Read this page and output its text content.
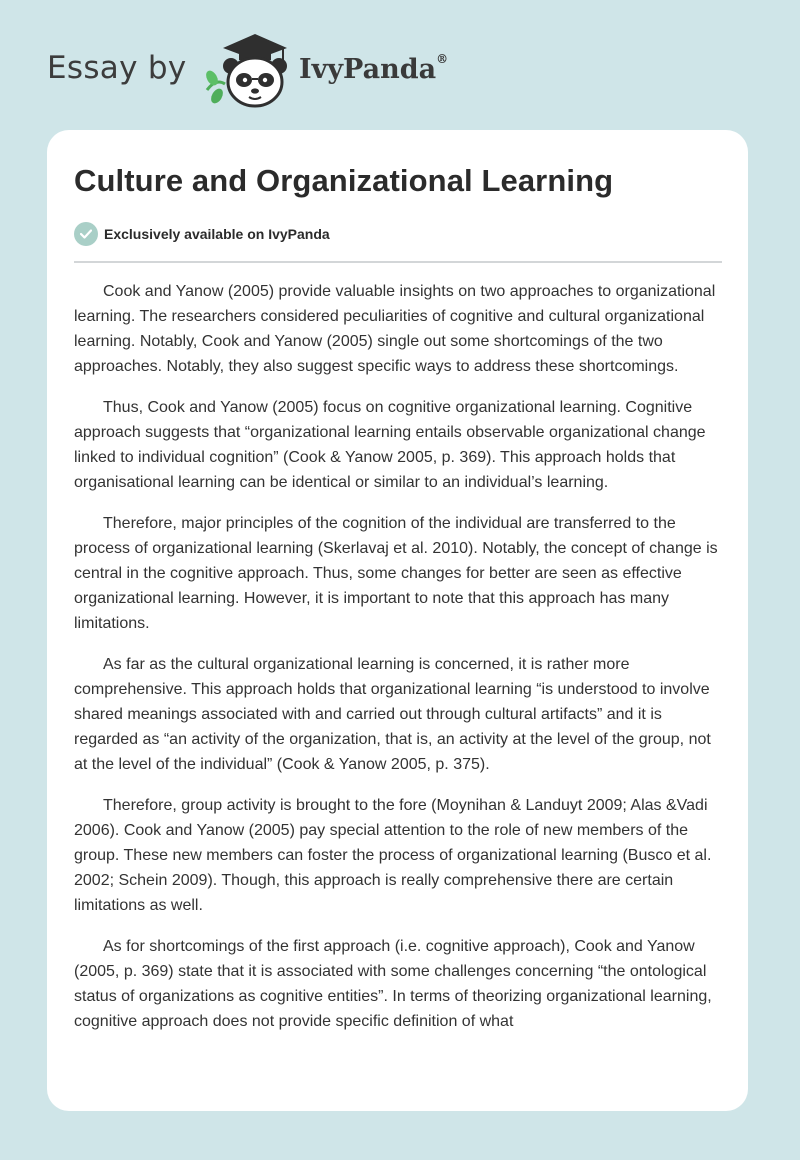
Essay by	IvyPanda®
Culture and Organizational Learning
Exclusively available on IvyPanda

Cook and Yanow (2005) provide valuable insights on two approaches to organizational learning. The researchers considered peculiarities of cognitive and cultural organizational learning. Notably, Cook and Yanow (2005) single out some shortcomings of the two approaches. Notably, they also suggest specific ways to address these shortcomings.

Thus, Cook and Yanow (2005) focus on cognitive organizational learning. Cognitive approach suggests that “organizational learning entails observable organizational change linked to individual cognition” (Cook & Yanow 2005, p. 369). This approach holds that organisational learning can be identical or similar to an individual’s learning.

Therefore, major principles of the cognition of the individual are transferred to the process of organizational learning (Skerlavaj et al. 2010). Notably, the concept of change is central in the cognitive approach. Thus, some changes for better are seen as effective organizational learning. However, it is important to note that this approach has many limitations.

As far as the cultural organizational learning is concerned, it is rather more comprehensive. This approach holds that organizational learning “is understood to involve shared meanings associated with and carried out through cultural artifacts” and it is regarded as “an activity of the organization, that is, an activity at the level of the group, not at the level of the individual” (Cook & Yanow 2005, p. 375).

Therefore, group activity is brought to the fore (Moynihan & Landuyt 2009; Alas &Vadi 2006). Cook and Yanow (2005) pay special attention to the role of new members of the group. These new members can foster the process of organizational learning (Busco et al. 2002; Schein 2009). Though, this approach is really comprehensive there are certain limitations as well.

As for shortcomings of the first approach (i.e. cognitive approach), Cook and Yanow (2005, p. 369) state that it is associated with some challenges concerning “the ontological status of organizations as cognitive entities”. In terms of theorizing organizational learning, cognitive approach does not provide specific definition of what
